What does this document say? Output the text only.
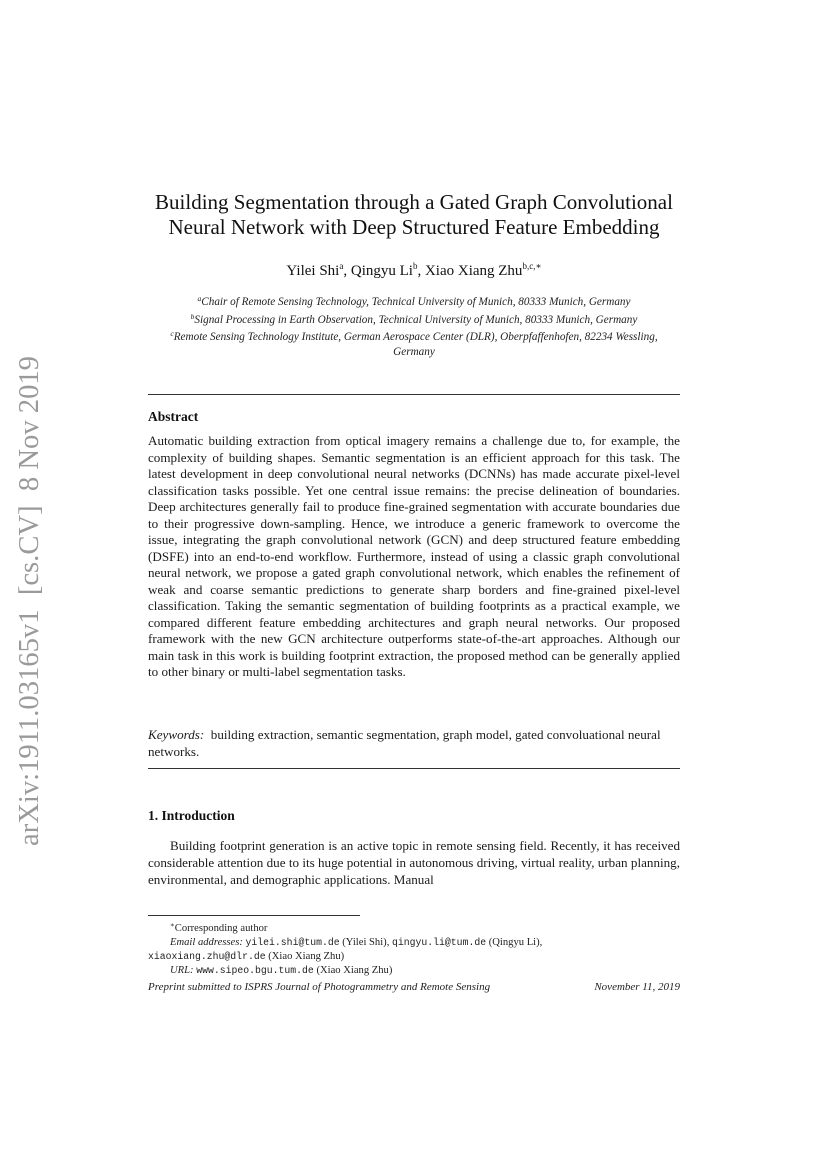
arXiv:1911.03165v1  [cs.CV]  8 Nov 2019
Building Segmentation through a Gated Graph Convolutional
Neural Network with Deep Structured Feature Embedding
Yilei Shi$^a$, Qingyu Li$^b$, Xiao Xiang Zhu$^{b,c,∗}$
$^a$Chair of Remote Sensing Technology, Technical University of Munich, 80333 Munich, Germany
$^b$Signal Processing in Earth Observation, Technical University of Munich, 80333 Munich, Germany
$^c$Remote Sensing Technology Institute, German Aerospace Center (DLR), Oberpfaffenhofen, 82234 Wessling, Germany
Abstract
Automatic building extraction from optical imagery remains a challenge due to, for example, the complexity of building shapes. Semantic segmentation is an efficient approach for this task. The latest development in deep convolutional neural networks (DCNNs) has made accurate pixel-level classification tasks possible. Yet one central issue remains: the precise delineation of boundaries. Deep architectures generally fail to produce fine-grained segmentation with accurate boundaries due to their progressive down-sampling. Hence, we introduce a generic framework to overcome the issue, integrating the graph convolutional network (GCN) and deep structured feature embedding (DSFE) into an end-to-end workflow. Furthermore, instead of using a classic graph convolutional neural network, we propose a gated graph convolutional network, which enables the refinement of weak and coarse semantic predictions to generate sharp borders and fine-grained pixel-level classification. Taking the semantic segmentation of building footprints as a practical example, we compared different feature embedding architectures and graph neural networks. Our proposed framework with the new GCN architecture outperforms state-of-the-art approaches. Although our main task in this work is building footprint extraction, the proposed method can be generally applied to other binary or multi-label segmentation tasks.
Keywords: building extraction, semantic segmentation, graph model, gated convoluational neural networks.
1. Introduction
Building footprint generation is an active topic in remote sensing field. Recently, it has received considerable attention due to its huge potential in autonomous driving, virtual reality, urban planning, environmental, and demographic applications. Manual
∗Corresponding author
Email addresses: yilei.shi@tum.de (Yilei Shi), qingyu.li@tum.de (Qingyu Li),
xiaoxiang.zhu@dlr.de (Xiao Xiang Zhu)
URL: www.sipeo.bgu.tum.de (Xiao Xiang Zhu)
Preprint submitted to ISPRS Journal of Photogrammetry and Remote Sensing	November 11, 2019
